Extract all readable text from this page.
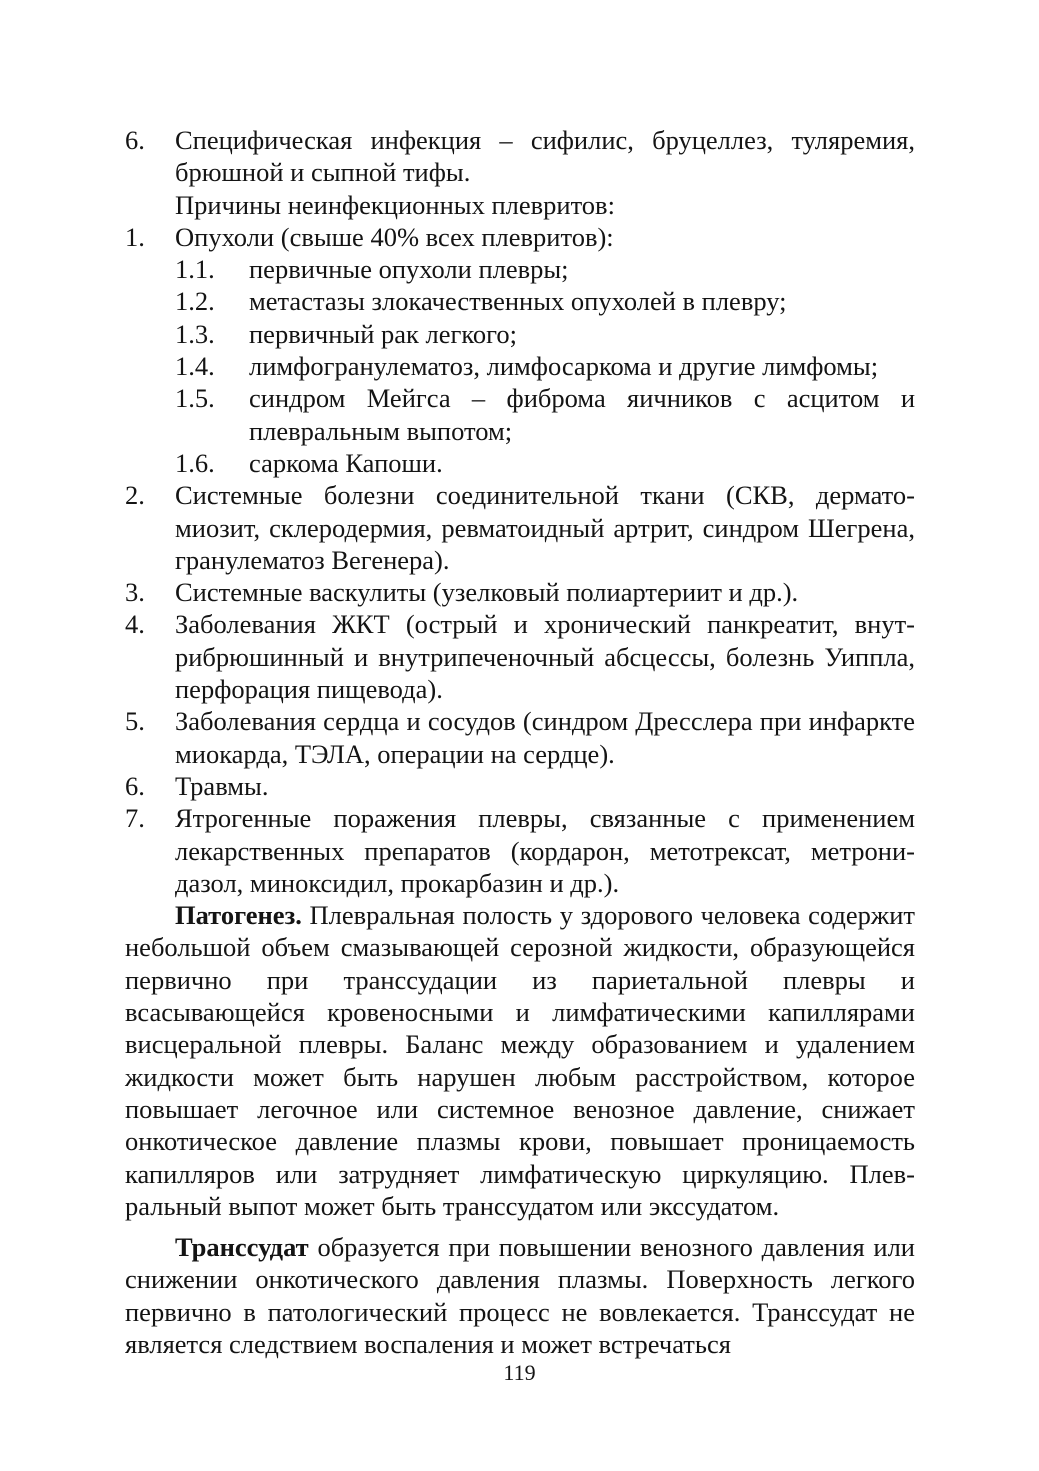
6.	Специфическая инфекция – сифилис, бруцеллез, туляремия, брюшной и сыпной тифы.
Причины неинфекционных плевритов:
1.	Опухоли (свыше 40% всех плевритов):
1.1.	первичные опухоли плевры;
1.2.	метастазы злокачественных опухолей в плевру;
1.3.	первичный рак легкого;
1.4.	лимфогранулематоз, лимфосаркома и другие лимфомы;
1.5.	синдром Мейгса – фиброма яичников с асцитом и плевральным выпотом;
1.6.	саркома Капоши.
2.	Системные болезни соединительной ткани (СКВ, дерматомиозит, склеродермия, ревматоидный артрит, синдром Шегрена, гранулематоз Вегенера).
3.	Системные васкулиты (узелковый полиартериит и др.).
4.	Заболевания ЖКТ (острый и хронический панкреатит, внутрибрюшинный и внутрипеченочный абсцессы, болезнь Уиппла, перфорация пищевода).
5.	Заболевания сердца и сосудов (синдром Дресслера при инфаркте миокарда, ТЭЛА, операции на сердце).
6.	Травмы.
7.	Ятрогенные поражения плевры, связанные с применением лекарственных препаратов (кордарон, метотрексат, метронидазол, миноксидил, прокарбазин и др.).

Патогенез. Плевральная полость у здорового человека содержит небольшой объем смазывающей серозной жидкости, образующейся первично при транссудации из париетальной плевры и всасывающейся кровеносными и лимфатическими капиллярами висцеральной плевры. Баланс между образованием и удалением жидкости может быть нарушен любым расстройством, которое повышает легочное или системное венозное давление, снижает онкотическое давление плазмы крови, повышает проницаемость капилляров или затрудняет лимфатическую циркуляцию. Плевральный выпот может быть транссудатом или экссудатом.

Транссудат образуется при повышении венозного давления или снижении онкотического давления плазмы. Поверхность легкого первично в патологический процесс не вовлекается. Транссудат не является следствием воспаления и может встречаться

119
